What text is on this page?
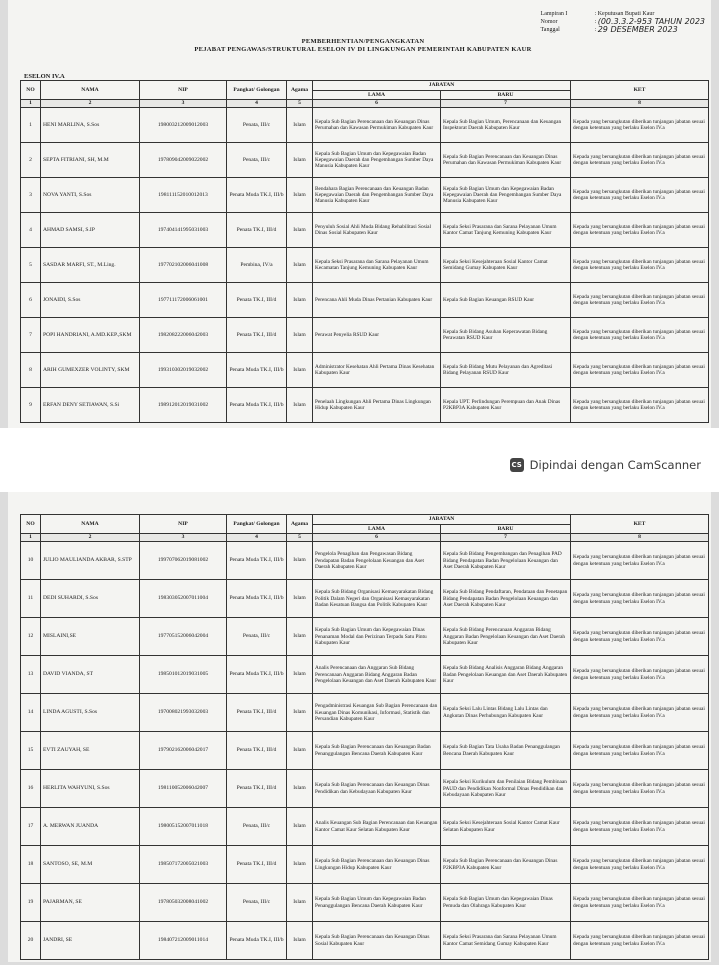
Lampiran I	:
Keputusan Bupati Kaur
Nomor	:
(00.3.3.2-953 TAHUN 2023
Tanggal	:
29 DESEMBER 2023
PEMBERHENTIAN/PENGANGKATAN
PEJABAT PENGAWAS/STRUKTURAL ESELON IV DI LINGKUNGAN PEMERINTAH KABUPATEN KAUR
ESELON IV.A
NO	NAMA	NIP	Pangkat/ Golongan	Agama	JABATAN		KET
					LAMA	BARU	
1	2	3	4	5	6	7	8
1	HENI MARLINA, S.Sos	198003212009012003	Penata, III/c	Islam	Kepala Sub Bagian Perencanaan dan Keuangan Dinas Perumahan dan Kawasan Permukiman Kabupaten Kaur	Kepala Sub Bagian Umum, Perencanaan dan Keuangan Inspektorat Daerah Kabupaten Kaur	Kepada yang bersangkutan diberikan tunjangan jabatan sesuai dengan ketentuan yang berlaku Eselon IV.a
2	SEPTA FITRIANI, SH, M.M	197809042009022002	Penata, III/c	Islam	Kepala Sub Bagian Umum dan Kepegawaian Badan Kepegawaian Daerah dan Pengembangan Sumber Daya Manusia Kabupaten Kaur	Kepala Sub Bagian Perencanaan dan Keuangan Dinas Perumahan dan Kawasan Permukiman Kabupaten Kaur	Kepada yang bersangkutan diberikan tunjangan jabatan sesuai dengan ketentuan yang berlaku Eselon IV.a
3	NOVA YANTI, S.Sos	198111152010012013	Penata Muda TK.I, III/b	Islam	Bendahara Bagian Perencanaan dan Keuangan Badan Kepegawaian Daerah dan Pengembangan Sumber Daya Manusia Kabupaten Kaur	Kepala Sub Bagian Umum dan Kepegawaian Badan Kepegawaian Daerah dan Pengembangan Sumber Daya Manusia Kabupaten Kaur	Kepada yang bersangkutan diberikan tunjangan jabatan sesuai dengan ketentuan yang berlaku Eselon IV.a
4	AHMAD SAMSI, S.IP	197404141995031003	Penata TK.I, III/d	Islam	Penyuluh Sosial Ahli Muda Bidang Rehabilitasi Sosial Dinas Sosial Kabupaten Kaur	Kepala Seksi Prasarana dan Sarana Pelayanan Umum Kantor Camat Tanjung Kemuning Kabupaten Kaur	Kepada yang bersangkutan diberikan tunjangan jabatan sesuai dengan ketentuan yang berlaku Eselon IV.a
5	SASDAR MARFI, ST., M.Ling.	197702102006041008	Pembina, IV/a	Islam	Kepala Seksi Prasarana dan Sarana Pelayanan Umum Kecamatan Tanjung Kemuning Kabupaten Kaur	Kepala Seksi Kesejahteraan Sosial Kantor Camat Semidang Gumay Kabupaten Kaur	Kepada yang bersangkutan diberikan tunjangan jabatan sesuai dengan ketentuan yang berlaku Eselon IV.a
6	JONAIDI, S.Sos	197711172006061001	Penata TK.I, III/d	Islam	Perencana Ahli Muda Dinas Pertanian Kabupaten Kaur	Kepala Sub Bagian Keuangan RSUD Kaur	Kepada yang bersangkutan diberikan tunjangan jabatan sesuai dengan ketentuan yang berlaku Eselon IV.a
7	POPI HANDRIANI, A.MD.KEP.,SKM	198208222006042003	Penata TK.I, III/d	Islam	Perawat Penyelia RSUD Kaur	Kepala Sub Bidang Asuhan Keperawatan Bidang Perawatan RSUD Kaur	Kepada yang bersangkutan diberikan tunjangan jabatan sesuai dengan ketentuan yang berlaku Eselon IV.a
8	ARIH GUMEXZER VOLINTY, SKM	199310302019032002	Penata Muda TK.I, III/b	Islam	Administrator Kesehatan Ahli Pertama Dinas Kesehatan Kabupaten Kaur	Kepala Sub Bidang Mutu Pelayanan dan Agreditasi Bidang Pelayanan RSUD Kaur	Kepada yang bersangkutan diberikan tunjangan jabatan sesuai dengan ketentuan yang berlaku Eselon IV.a
9	ERFAN DENY SETIAWAN, S.Si	198912012019031002	Penata Muda TK.I, III/b	Islam	Penelaah Lingkungan Ahli Pertama Dinas Lingkungan Hidup Kabupaten Kaur	Kepala UPT. Perlindungan Perempuan dan Anak Dinas P2KBP3A Kabupaten Kaur	Kepada yang bersangkutan diberikan tunjangan jabatan sesuai dengan ketentuan yang berlaku Eselon IV.a
CS Dipindai dengan CamScanner
NO	NAMA	NIP	Pangkat/ Golongan	Agama	JABATAN		KET
					LAMA	BARU	
1	2	3	4	5	6	7	8
10	JULIO MAULIANDA AKBAR, S.STP	199707062019081002	Penata Muda TK.I, III/b	Islam	Pengelola Penagihan dan Pengawasan Bidang Pendapatan Badan Pengelolaan Keuangan dan Aset Daerah Kabupaten Kaur	Kepala Sub Bidang Pengembangan dan Penagihan PAD Bidang Pendapatan Badan Pengelolaan Keuangan dan Aset Daerah Kabupaten Kaur	Kepada yang bersangkutan diberikan tunjangan jabatan sesuai dengan ketentuan yang berlaku Eselon IV.a
11	DEDI SUHARDI, S.Sos	198303052007011004	Penata Muda TK.I, III/b	Islam	Kepala Sub Bidang Organisasi Kemasyarakatan Bidang Politik Dalam Negeri dan Organisasi Kemasyarakatan Badan Kesatuan Bangsa dan Politik Kabupaten Kaur	Kepala Sub Bidang Pendaftaran, Pendataan dan Penetapan Bidang Pendapatan Badan Pengelolaan Keuangan dan Aset Daerah Kabupaten Kaur	Kepada yang bersangkutan diberikan tunjangan jabatan sesuai dengan ketentuan yang berlaku Eselon IV.a
12	MISLAINI,SE	197705152006042004	Penata, III/c	Islam	Kepala Sub Bagian Umum dan Kepegawaian Dinas Penanaman Modal dan Perizinan Terpadu Satu Pintu Kabupaten Kaur	Kepala Sub Bidang Perencanaan Anggaran Bidang Anggaran Badan Pengelolaan Keuangan dan Aset Daerah Kabupaten Kaur	Kepada yang bersangkutan diberikan tunjangan jabatan sesuai dengan ketentuan yang berlaku Eselon IV.a
13	DAVID VIANDA, ST	198501012019031005	Penata Muda TK.I, III/b	Islam	Analis Perencanaan dan Anggaran Sub Bidang Perencanaan Anggaran Bidang Anggaran Badan Pengelolaan Keuangan dan Aset Daerah Kabupaten Kaur	Kepala Sub Bidang Analisis Anggaran Bidang Anggaran Badan Pengelolaan Keuangan dan Aset Daerah Kabupaten Kaur	Kepada yang bersangkutan diberikan tunjangan jabatan sesuai dengan ketentuan yang berlaku Eselon IV.a
14	LINDA AGUSTI, S.Sos	197008021993032003	Penata TK.I, III/d	Islam	Pengadministrasi Keuangan Sub Bagian Perencanaan dan Keuangan Dinas Komunikasi, Informasi, Statistik dan Persandian Kabupaten Kaur	Kepala Seksi Lalu Lintas Bidang Lalu Lintas dan Angkutan Dinas Perhubungan Kabupaten Kaur	Kepada yang bersangkutan diberikan tunjangan jabatan sesuai dengan ketentuan yang berlaku Eselon IV.a
15	EVTI ZAUYAH, SE	197902162006042017	Penata TK.I, III/d	Islam	Kepala Sub Bagian Perencanaan dan Keuangan Badan Penanggulangan Bencana Daerah Kabupaten Kaur	Kepala Sub Bagian Tata Usaha Badan Penanggulangan Bencana Daerah Kabupaten Kaur	Kepada yang bersangkutan diberikan tunjangan jabatan sesuai dengan ketentuan yang berlaku Eselon IV.a
16	HERLITA WAHYUNI, S.Sos	198110052006042007	Penata TK.I, III/d	Islam	Kepala Sub Bagian Perencanaan dan Keuangan Dinas Pendidikan dan Kebudayaan Kabupaten Kaur	Kepala Seksi Kurikulum dan Penilaian Bidang Pembinaan PAUD dan Pendidikan Nonformal Dinas Pendidikan dan Kebudayaan Kabupaten Kaur	Kepada yang bersangkutan diberikan tunjangan jabatan sesuai dengan ketentuan yang berlaku Eselon IV.a
17	A. MERWAN JUANDA	198005152007011018	Penata, III/c	Islam	Analis Keuangan Sub Bagian Perencanaan dan Keuangan Kantor Camat Kaur Selatan Kabupaten Kaur	Kepala Seksi Kesejahteraan Sosial Kantor Camat Kaur Selatan Kabupaten Kaur	Kepada yang bersangkutan diberikan tunjangan jabatan sesuai dengan ketentuan yang berlaku Eselon IV.a
18	SANTOSO, SE, M.M	198507172005021003	Penata TK.I, III/d	Islam	Kepala Sub Bagian Perencanaan dan Keuangan Dinas Lingkungan Hidup Kabupaten Kaur	Kepala Sub Bagian Perencanaan dan Keuangan Dinas P2KBP3A Kabupaten Kaur	Kepada yang bersangkutan diberikan tunjangan jabatan sesuai dengan ketentuan yang berlaku Eselon IV.a
19	PAJARMAN, SE	197805032008041002	Penata, III/c	Islam	Kepala Sub Bagian Umum dan Kepegawaian Badan Penanggulangan Bencana Daerah Kabupaten Kaur	Kepala Sub Bagian Umum dan Kepegawaian Dinas Pemuda dan Olahraga Kabupaten Kaur	Kepada yang bersangkutan diberikan tunjangan jabatan sesuai dengan ketentuan yang berlaku Eselon IV.a
20	JANDRI, SE	198407212009011014	Penata Muda TK.I, III/b	Islam	Kepala Sub Bagian Perencanaan dan Keuangan Dinas Sosial Kabupaten Kaur	Kepala Seksi Prasarana dan Sarana Pelayanan Umum Kantor Camat Semidang Gumay Kabupaten Kaur	Kepada yang bersangkutan diberikan tunjangan jabatan sesuai dengan ketentuan yang berlaku Eselon IV.a
